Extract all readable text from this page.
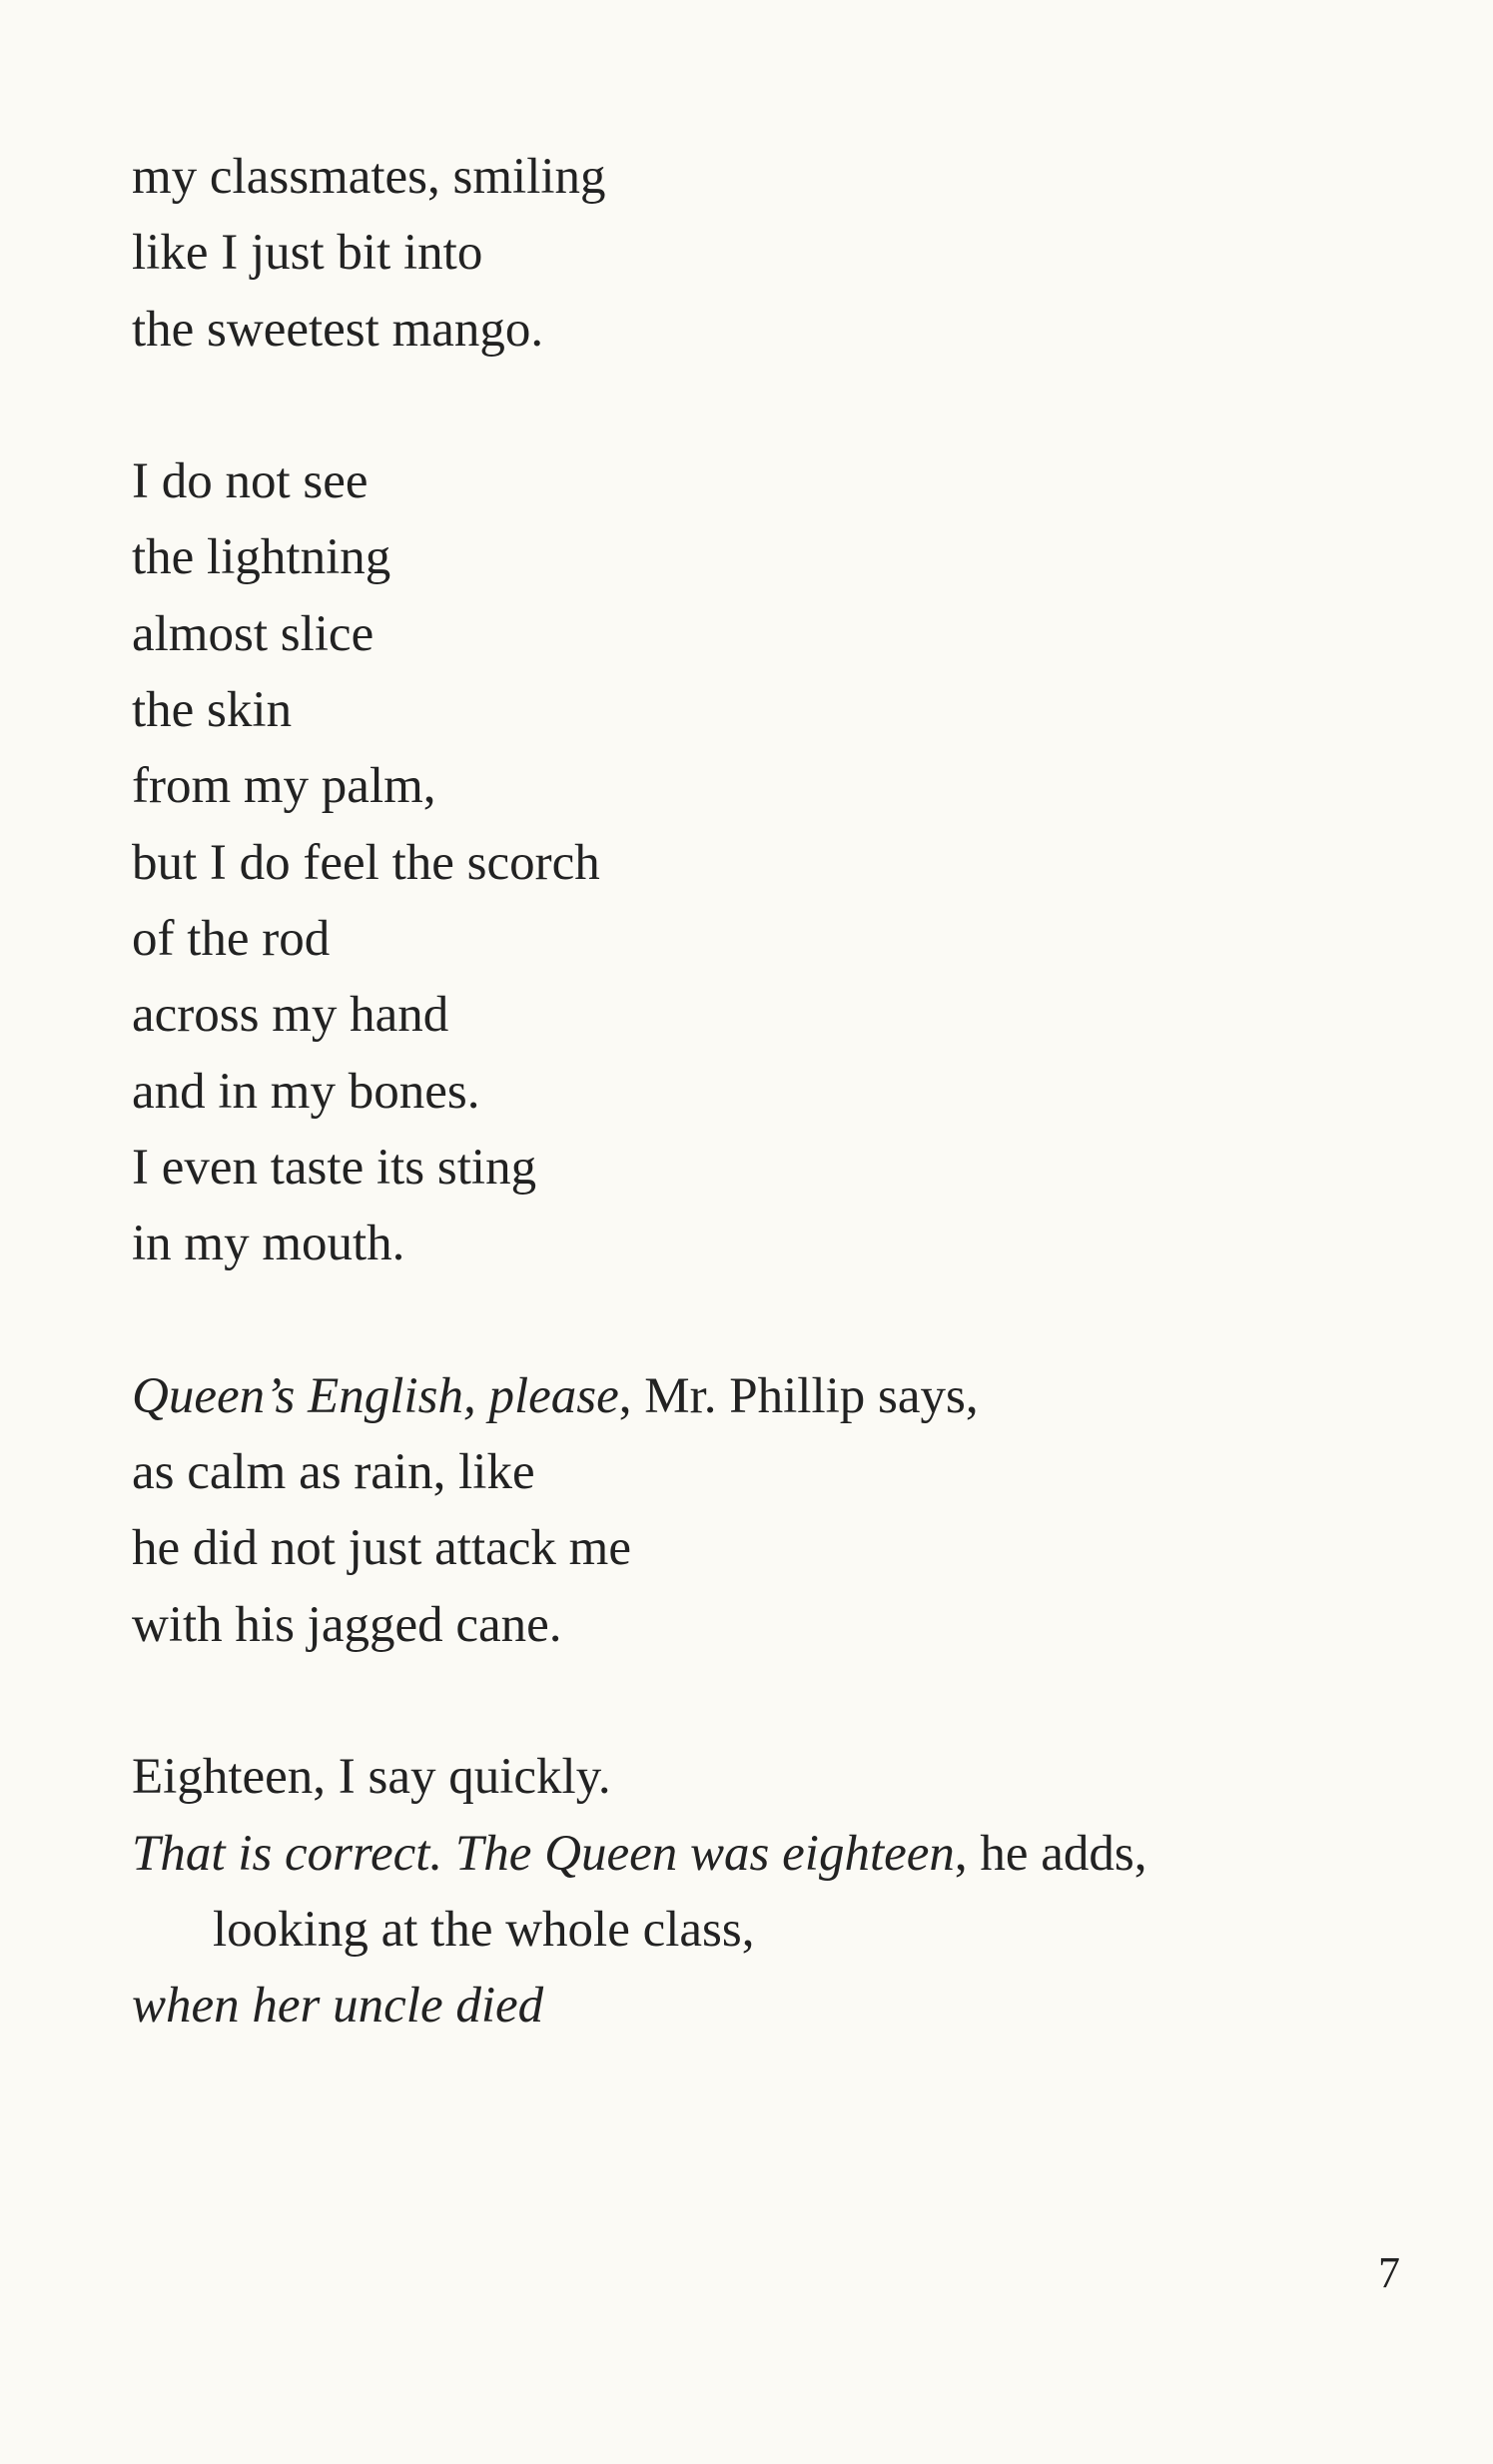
my classmates, smiling
like I just bit into
the sweetest mango.
I do not see
the lightning
almost slice
the skin
from my palm,
but I do feel the scorch
of the rod
across my hand
and in my bones.
I even taste its sting
in my mouth.
Queen’s English, please, Mr. Phillip says,
as calm as rain, like
he did not just attack me
with his jagged cane.
Eighteen, I say quickly.
That is correct. The Queen was eighteen, he adds,
looking at the whole class,
when her uncle died
7
